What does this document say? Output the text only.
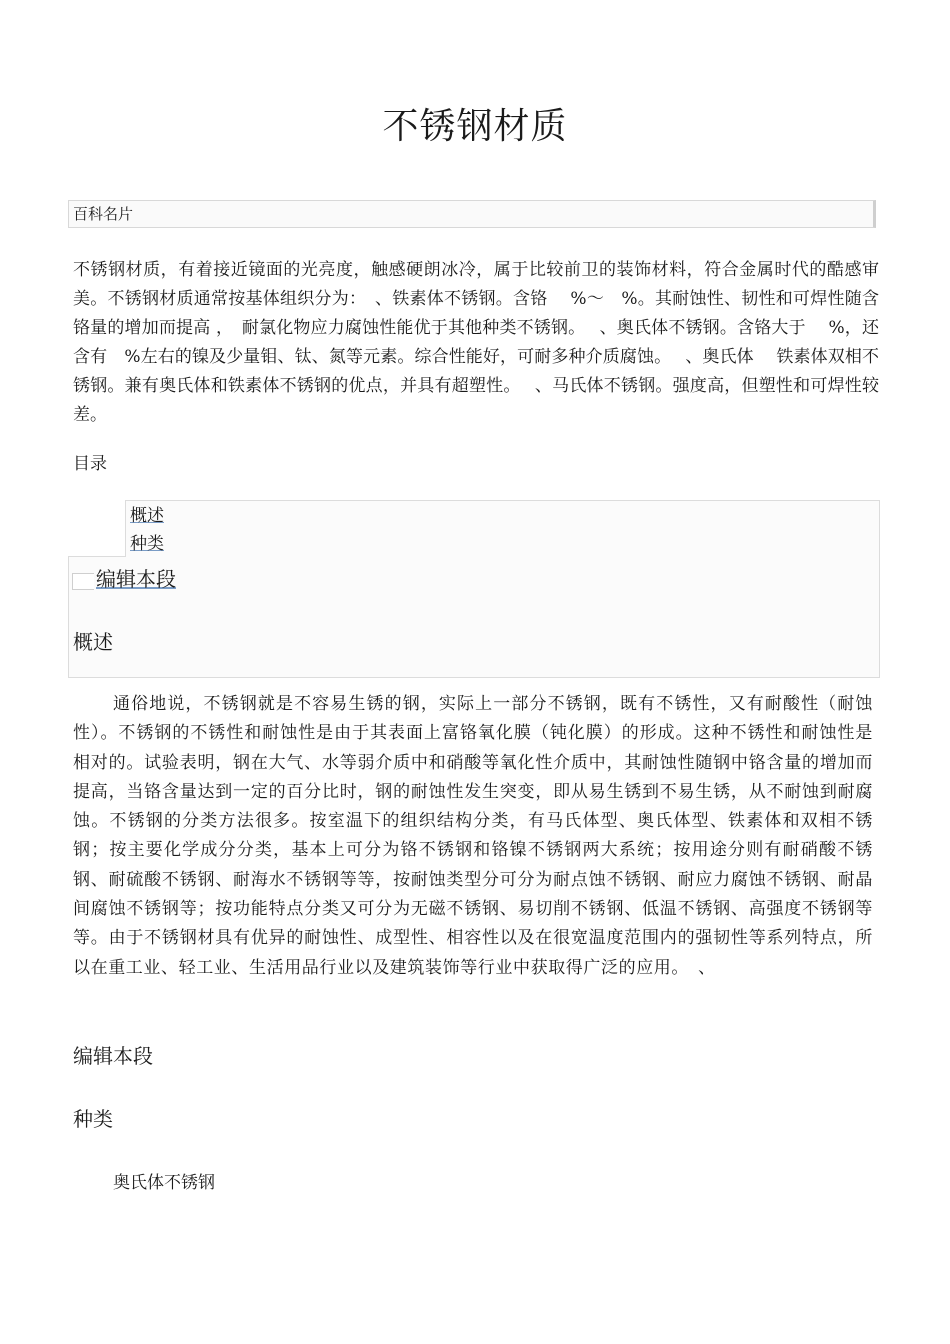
不锈钢材质
百科名片

不锈钢材质，有着接近镜面的光亮度，触感硬朗冰冷，属于比较前卫的装饰材料，符合金属时代的酷感审美。不锈钢材质通常按基体组织分为：　、铁素体不锈钢。含铬　 %～　%。其耐蚀性、韧性和可焊性随含铬量的增加而提高 ，　耐氯化物应力腐蚀性能优于其他种类不锈钢。　 、奥氏体不锈钢。含铬大于　 %，还含有　%左右的镍及少量钼、钛、氮等元素。综合性能好，可耐多种介质腐蚀。　 、奥氏体　 铁素体双相不锈钢。兼有奥氏体和铁素体不锈钢的优点，并具有超塑性。　 、马氏体不锈钢。强度高，但塑性和可焊性较差。

目录
概述
种类
编辑本段
概述

通俗地说，不锈钢就是不容易生锈的钢，实际上一部分不锈钢，既有不锈性，又有耐酸性（耐蚀性）。不锈钢的不锈性和耐蚀性是由于其表面上富铬氧化膜（钝化膜）的形成。这种不锈性和耐蚀性是相对的。试验表明，钢在大气、水等弱介质中和硝酸等氧化性介质中，其耐蚀性随钢中铬含量的增加而提高，当铬含量达到一定的百分比时，钢的耐蚀性发生突变，即从易生锈到不易生锈，从不耐蚀到耐腐蚀。不锈钢的分类方法很多。按室温下的组织结构分类，有马氏体型、奥氏体型、铁素体和双相不锈钢；按主要化学成分分类，基本上可分为铬不锈钢和铬镍不锈钢两大系统；按用途分则有耐硝酸不锈钢、耐硫酸不锈钢、耐海水不锈钢等等，按耐蚀类型分可分为耐点蚀不锈钢、耐应力腐蚀不锈钢、耐晶间腐蚀不锈钢等；按功能特点分类又可分为无磁不锈钢、易切削不锈钢、低温不锈钢、高强度不锈钢等等。由于不锈钢材具有优异的耐蚀性、成型性、相容性以及在很宽温度范围内的强韧性等系列特点，所以在重工业、轻工业、生活用品行业以及建筑装饰等行业中获取得广泛的应用。　、

编辑本段
种类
奥氏体不锈钢
